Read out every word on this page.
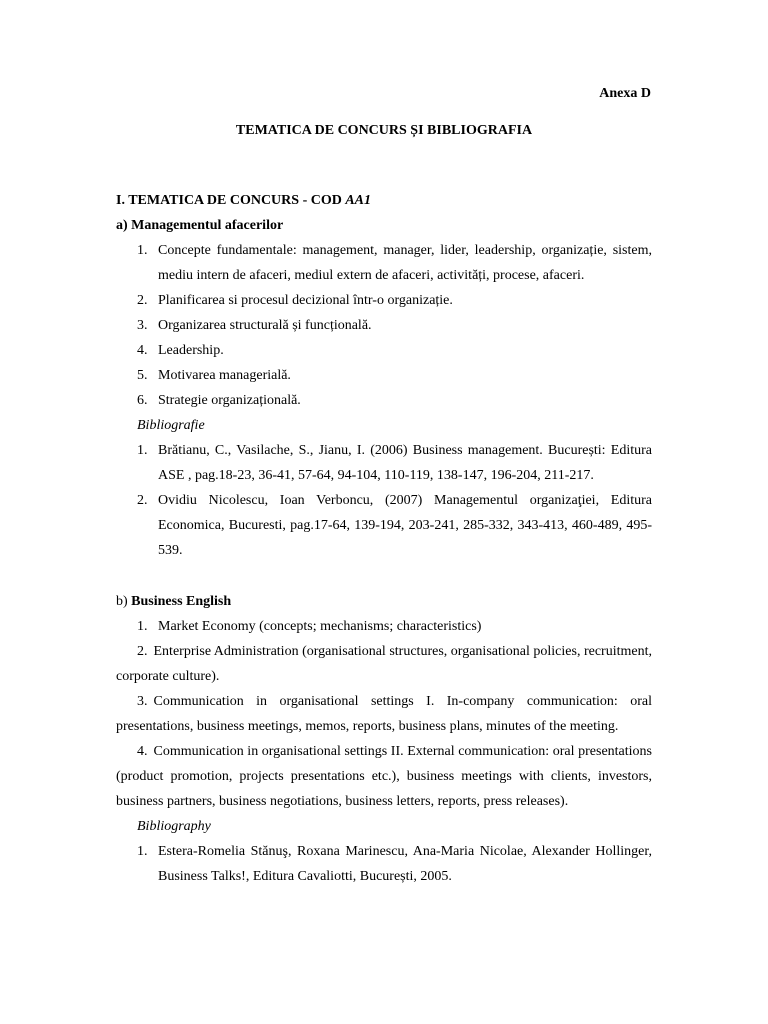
Anexa D
TEMATICA DE CONCURS ȘI BIBLIOGRAFIA
I. TEMATICA DE CONCURS - COD AA1
a) Managementul afacerilor
1. Concepte fundamentale: management, manager, lider, leadership, organizație, sistem, mediu intern de afaceri, mediul extern de afaceri, activități, procese, afaceri.
2. Planificarea si procesul decizional într-o organizație.
3. Organizarea structurală și funcțională.
4. Leadership.
5. Motivarea managerială.
6. Strategie organizațională.
Bibliografie
1. Brătianu, C., Vasilache, S., Jianu, I. (2006) Business management. București: Editura ASE , pag.18-23, 36-41, 57-64, 94-104, 110-119, 138-147, 196-204, 211-217.
2. Ovidiu Nicolescu, Ioan Verboncu, (2007) Managementul organizaţiei, Editura Economica, Bucuresti, pag.17-64, 139-194, 203-241, 285-332, 343-413, 460-489, 495-539.
b) Business English
1. Market Economy (concepts; mechanisms; characteristics)
2. Enterprise Administration (organisational structures, organisational policies, recruitment, corporate culture).
3. Communication in organisational settings I. In-company communication: oral presentations, business meetings, memos, reports, business plans, minutes of the meeting.
4. Communication in organisational settings II. External communication: oral presentations (product promotion, projects presentations etc.), business meetings with clients, investors, business partners, business negotiations, business letters, reports, press releases).
Bibliography
1. Estera-Romelia Stănuş, Roxana Marinescu, Ana-Maria Nicolae, Alexander Hollinger, Business Talks!, Editura Cavaliotti, București, 2005.
